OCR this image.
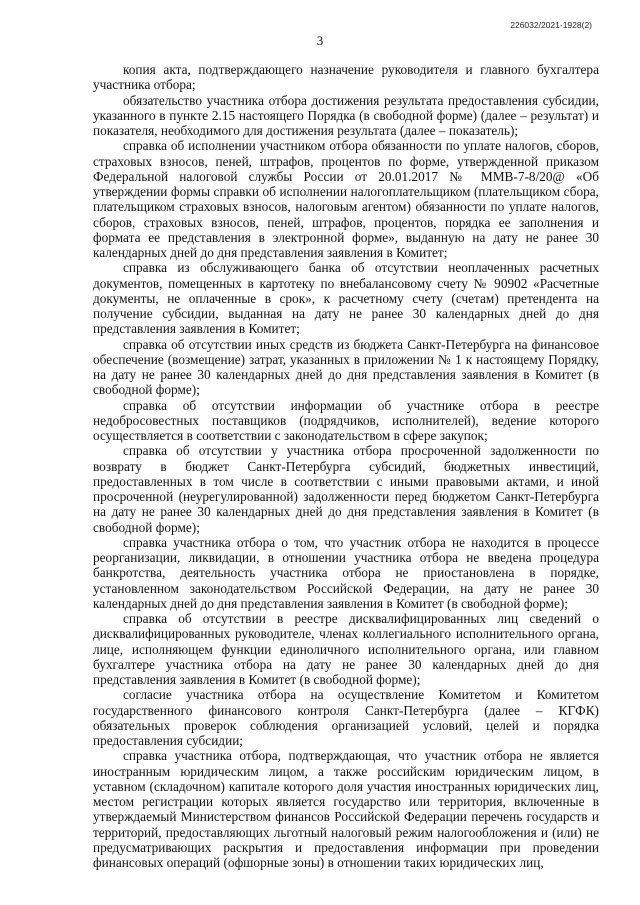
226032/2021-1928(2)
3

копия акта, подтверждающего назначение руководителя и главного бухгалтера участника отбора;

обязательство участника отбора достижения результата предоставления субсидии, указанного в пункте 2.15 настоящего Порядка (в свободной форме) (далее – результат) и показателя, необходимого для достижения результата (далее – показатель);

справка об исполнении участником отбора обязанности по уплате налогов, сборов, страховых взносов, пеней, штрафов, процентов по форме, утвержденной приказом Федеральной налоговой службы России от 20.01.2017 № ММВ-7-8/20@ «Об утверждении формы справки об исполнении налогоплательщиком (плательщиком сбора, плательщиком страховых взносов, налоговым агентом) обязанности по уплате налогов, сборов, страховых взносов, пеней, штрафов, процентов, порядка ее заполнения и формата ее представления в электронной форме», выданную на дату не ранее 30 календарных дней до дня представления заявления в Комитет;

справка из обслуживающего банка об отсутствии неоплаченных расчетных документов, помещенных в картотеку по внебалансовому счету № 90902 «Расчетные документы, не оплаченные в срок», к расчетному счету (счетам) претендента на получение субсидии, выданная на дату не ранее 30 календарных дней до дня представления заявления в Комитет;

справка об отсутствии иных средств из бюджета Санкт-Петербурга на финансовое обеспечение (возмещение) затрат, указанных в приложении № 1 к настоящему Порядку, на дату не ранее 30 календарных дней до дня представления заявления в Комитет (в свободной форме);

справка об отсутствии информации об участнике отбора в реестре недобросовестных поставщиков (подрядчиков, исполнителей), ведение которого осуществляется в соответствии с законодательством в сфере закупок;

справка об отсутствии у участника отбора просроченной задолженности по возврату в бюджет Санкт-Петербурга субсидий, бюджетных инвестиций, предоставленных в том числе в соответствии с иными правовыми актами, и иной просроченной (неурегулированной) задолженности перед бюджетом Санкт-Петербурга на дату не ранее 30 календарных дней до дня представления заявления в Комитет (в свободной форме);

справка участника отбора о том, что участник отбора не находится в процессе реорганизации, ликвидации, в отношении участника отбора не введена процедура банкротства, деятельность участника отбора не приостановлена в порядке, установленном законодательством Российской Федерации, на дату не ранее 30 календарных дней до дня представления заявления в Комитет (в свободной форме);

справка об отсутствии в реестре дисквалифицированных лиц сведений о дисквалифицированных руководителе, членах коллегиального исполнительного органа, лице, исполняющем функции единоличного исполнительного органа, или главном бухгалтере участника отбора на дату не ранее 30 календарных дней до дня представления заявления в Комитет (в свободной форме);

согласие участника отбора на осуществление Комитетом и Комитетом государственного финансового контроля Санкт-Петербурга (далее – КГФК) обязательных проверок соблюдения организацией условий, целей и порядка предоставления субсидии;

справка участника отбора, подтверждающая, что участник отбора не является иностранным юридическим лицом, а также российским юридическим лицом, в уставном (складочном) капитале которого доля участия иностранных юридических лиц, местом регистрации которых является государство или территория, включенные в утверждаемый Министерством финансов Российской Федерации перечень государств и территорий, предоставляющих льготный налоговый режим налогообложения и (или) не предусматривающих раскрытия и предоставления информации при проведении финансовых операций (офшорные зоны) в отношении таких юридических лиц,
